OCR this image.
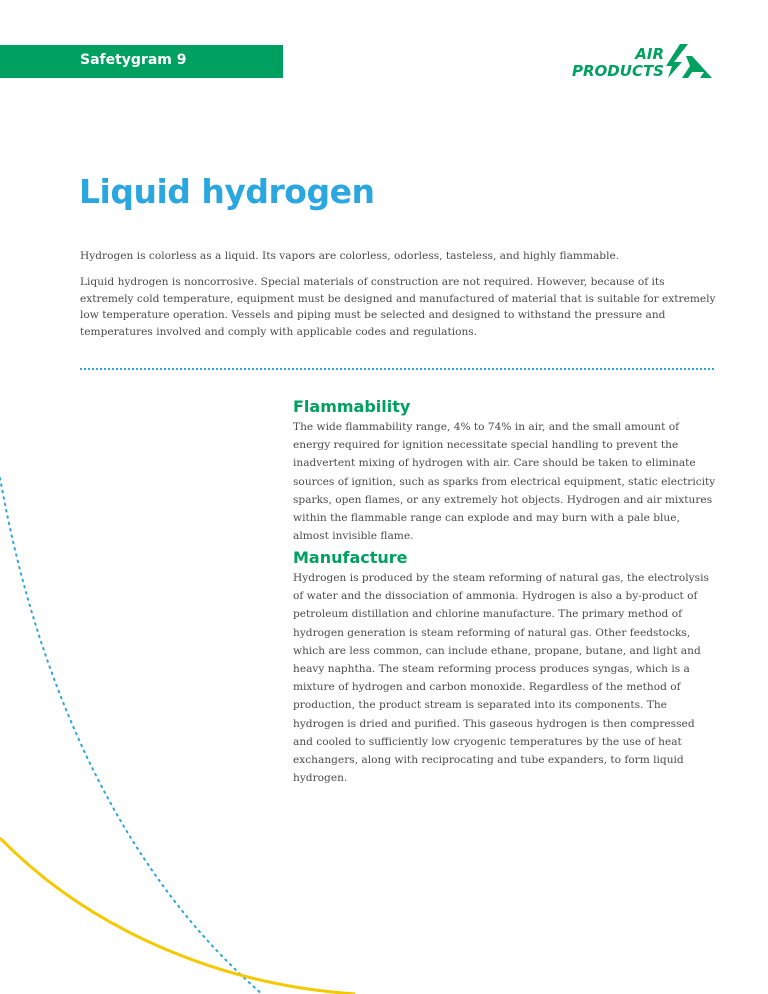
Safetygram 9	AIR
PRODUCTS
Liquid hydrogen

Hydrogen is colorless as a liquid. Its vapors are colorless, odorless, tasteless, and highly flammable.

Liquid hydrogen is noncorrosive. Special materials of construction are not required. However, because of its extremely cold temperature, equipment must be designed and manufactured of material that is suitable for extremely low temperature operation. Vessels and piping must be selected and designed to withstand the pressure and temperatures involved and comply with applicable codes and regulations.

Flammability

The wide flammability range, 4% to 74% in air, and the small amount of energy required for ignition necessitate special handling to prevent the inadvertent mixing of hydrogen with air. Care should be taken to eliminate sources of ignition, such as sparks from electrical equipment, static electricity sparks, open flames, or any extremely hot objects. Hydrogen and air mixtures within the flammable range can explode and may burn with a pale blue, almost invisible flame.

Manufacture

Hydrogen is produced by the steam reforming of natural gas, the electrolysis of water and the dissociation of ammonia. Hydrogen is also a by-product of petroleum distillation and chlorine manufacture. The primary method of hydrogen generation is steam reforming of natural gas. Other feedstocks, which are less common, can include ethane, propane, butane, and light and heavy naphtha. The steam reforming process produces syngas, which is a mixture of hydrogen and carbon monoxide. Regardless of the method of production, the product stream is separated into its components. The hydrogen is dried and purified. This gaseous hydrogen is then compressed and cooled to sufficiently low cryogenic temperatures by the use of heat exchangers, along with reciprocating and tube expanders, to form liquid hydrogen.
